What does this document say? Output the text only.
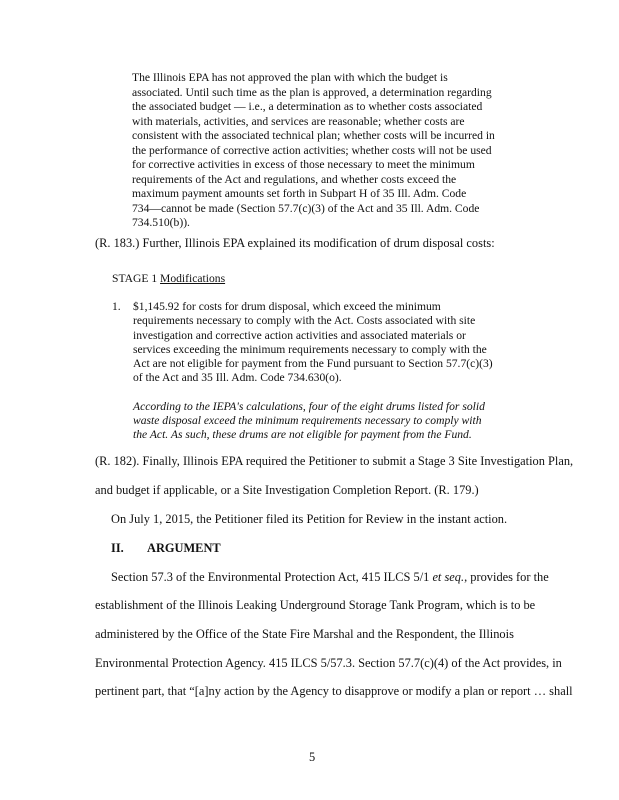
The Illinois EPA has not approved the plan with which the budget is
associated. Until such time as the plan is approved, a determination regarding
the associated budget — i.e., a determination as to whether costs associated
with materials, activities, and services are reasonable; whether costs are
consistent with the associated technical plan; whether costs will be incurred in
the performance of corrective action activities; whether costs will not be used
for corrective activities in excess of those necessary to meet the minimum
requirements of the Act and regulations, and whether costs exceed the
maximum payment amounts set forth in Subpart H of 35 Ill. Adm. Code
734—cannot be made (Section 57.7(c)(3) of the Act and 35 Ill. Adm. Code
734.510(b)).
(R. 183.) Further, Illinois EPA explained its modification of drum disposal costs:
STAGE 1 Modifications
1. $1,145.92 for costs for drum disposal, which exceed the minimum
requirements necessary to comply with the Act. Costs associated with site
investigation and corrective action activities and associated materials or
services exceeding the minimum requirements necessary to comply with the
Act are not eligible for payment from the Fund pursuant to Section 57.7(c)(3)
of the Act and 35 Ill. Adm. Code 734.630(o).
According to the IEPA's calculations, four of the eight drums listed for solid
waste disposal exceed the minimum requirements necessary to comply with
the Act. As such, these drums are not eligible for payment from the Fund.
(R. 182). Finally, Illinois EPA required the Petitioner to submit a Stage 3 Site Investigation Plan,
and budget if applicable, or a Site Investigation Completion Report. (R. 179.)
On July 1, 2015, the Petitioner filed its Petition for Review in the instant action.
II. ARGUMENT
Section 57.3 of the Environmental Protection Act, 415 ILCS 5/1 et seq., provides for the
establishment of the Illinois Leaking Underground Storage Tank Program, which is to be
administered by the Office of the State Fire Marshal and the Respondent, the Illinois
Environmental Protection Agency. 415 ILCS 5/57.3. Section 57.7(c)(4) of the Act provides, in
pertinent part, that “[a]ny action by the Agency to disapprove or modify a plan or report … shall
5
